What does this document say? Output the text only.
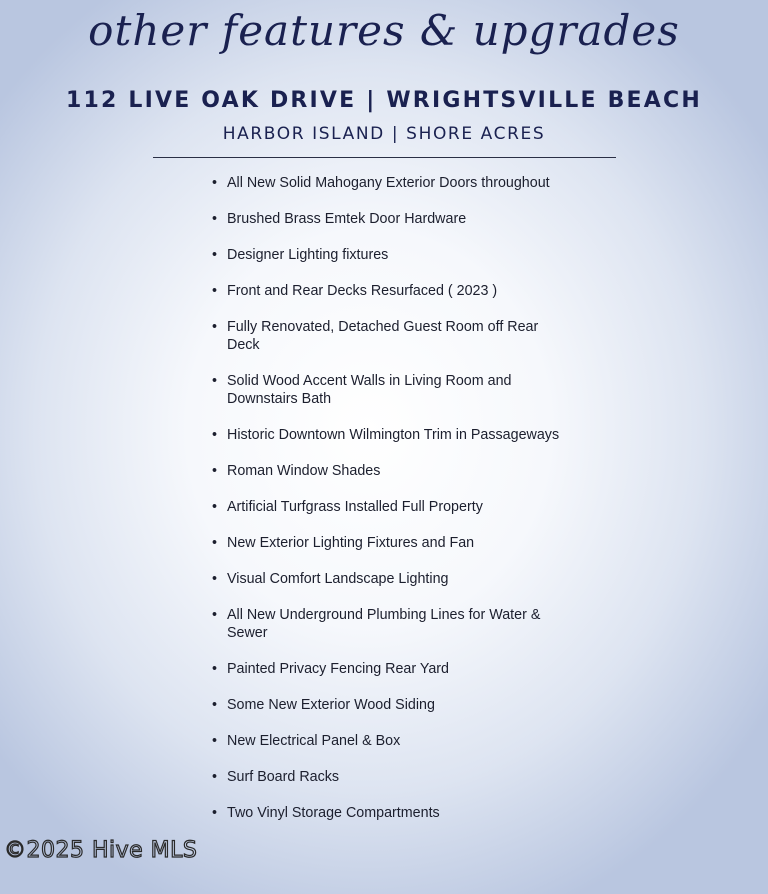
other features & upgrades
112 LIVE OAK DRIVE | WRIGHTSVILLE BEACH
HARBOR ISLAND | SHORE ACRES
• All New Solid Mahogany Exterior Doors throughout
• Brushed Brass Emtek Door Hardware
• Designer Lighting fixtures
• Front and Rear Decks Resurfaced ( 2023 )
• Fully Renovated, Detached Guest Room off Rear Deck
• Solid Wood Accent Walls in Living Room and Downstairs Bath
• Historic Downtown Wilmington Trim in Passageways
• Roman Window Shades
• Artificial Turfgrass Installed Full Property
• New Exterior Lighting Fixtures and Fan
• Visual Comfort Landscape Lighting
• All New Underground Plumbing Lines for Water & Sewer
• Painted Privacy Fencing Rear Yard
• Some New Exterior Wood Siding
• New Electrical Panel & Box
• Surf Board Racks
• Two Vinyl Storage Compartments
©2025 Hive MLS
